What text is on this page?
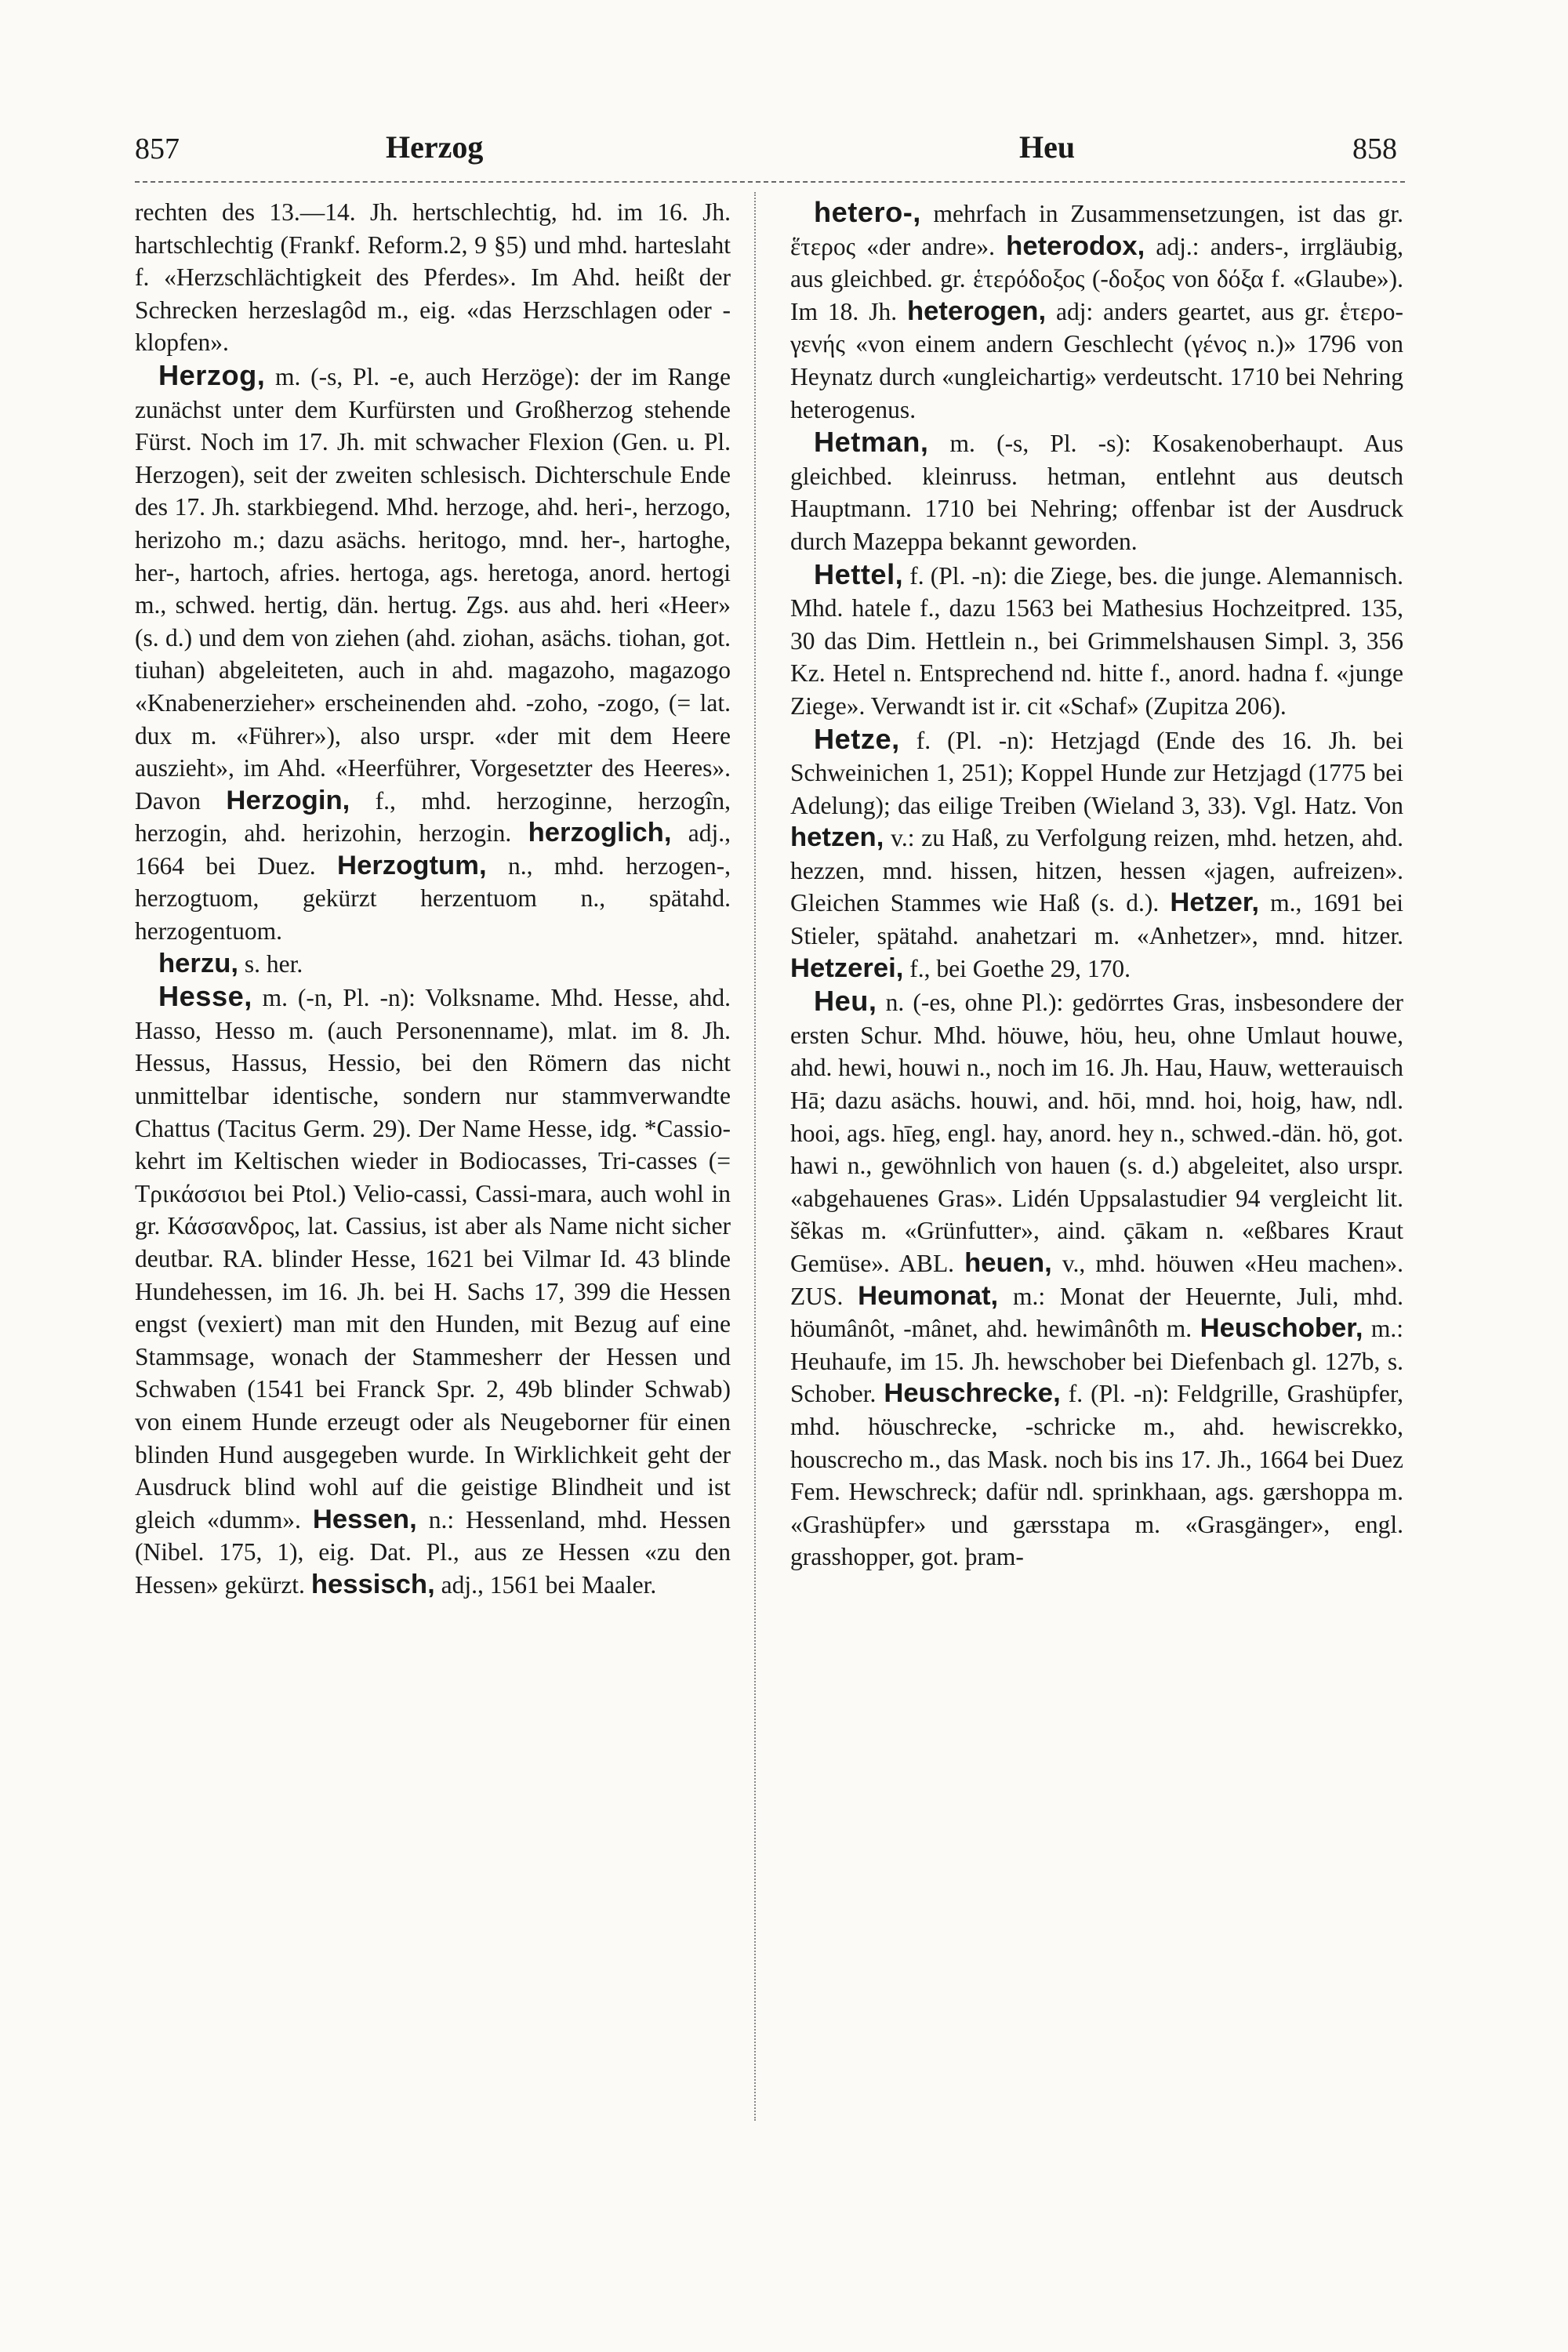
857	Herzog	Heu	858

rechten des 13.—14. Jh. hertschlechtig, hd. im 16. Jh. hartschlechtig (Frankf. Reform.2, 9 §5) und mhd. harteslaht f. «Herzschlächtigkeit des Pferdes». Im Ahd. heißt der Schrecken herzeslagôd m., eig. «das Herzschlagen oder -klopfen».

Herzog, m. (-s, Pl. -e, auch Herzöge): der im Range zunächst unter dem Kurfürsten und Großherzog stehende Fürst. Noch im 17. Jh. mit schwacher Flexion (Gen. u. Pl. Herzogen), seit der zweiten schlesisch. Dichterschule Ende des 17. Jh. starkbiegend. Mhd. herzoge, ahd. heri-, herzogo, herizoho m.; dazu asächs. heritogo, mnd. her-, hartoghe, her-, hartoch, afries. hertoga, ags. heretoga, anord. hertogi m., schwed. hertig, dän. hertug. Zgs. aus ahd. heri «Heer» (s. d.) und dem von ziehen (ahd. ziohan, asächs. tiohan, got. tiuhan) abgeleiteten, auch in ahd. magazoho, magazogo «Knabenerzieher» erscheinenden ahd. -zoho, -zogo, (= lat. dux m. «Führer»), also urspr. «der mit dem Heere auszieht», im Ahd. «Heerführer, Vorgesetzter des Heeres». Davon Herzogin, f., mhd. herzoginne, herzogîn, herzogin, ahd. herizohin, herzogin. herzoglich, adj., 1664 bei Duez. Herzogtum, n., mhd. herzogen-, herzogtuom, gekürzt herzentuom n., spätahd. herzogentuom.

herzu, s. her.

Hesse, m. (-n, Pl. -n): Volksname. Mhd. Hesse, ahd. Hasso, Hesso m. (auch Personenname), mlat. im 8. Jh. Hessus, Hassus, Hessio, bei den Römern das nicht unmittelbar identische, sondern nur stammverwandte Chattus (Tacitus Germ. 29). Der Name Hesse, idg. *Cassio- kehrt im Keltischen wieder in Bodiocasses, Tri-casses (= Τρικάσσιοι bei Ptol.) Velio-cassi, Cassi-mara, auch wohl in gr. Κάσσανδρος, lat. Cassius, ist aber als Name nicht sicher deutbar. RA. blinder Hesse, 1621 bei Vilmar Id. 43 blinde Hundehessen, im 16. Jh. bei H. Sachs 17, 399 die Hessen engst (vexiert) man mit den Hunden, mit Bezug auf eine Stammsage, wonach der Stammesherr der Hessen und Schwaben (1541 bei Franck Spr. 2, 49b blinder Schwab) von einem Hunde erzeugt oder als Neugeborner für einen blinden Hund ausgegeben wurde. In Wirklichkeit geht der Ausdruck blind wohl auf die geistige Blindheit und ist gleich «dumm». Hessen, n.: Hessenland, mhd. Hessen (Nibel. 175, 1), eig. Dat. Pl., aus ze Hessen «zu den Hessen» gekürzt. hessisch, adj., 1561 bei Maaler.

hetero-, mehrfach in Zusammensetzungen, ist das gr. ἕτερος «der andre». heterodox, adj.: anders-, irrgläubig, aus gleichbed. gr. ἑτερόδοξος (-δοξος von δόξα f. «Glaube»). Im 18. Jh. heterogen, adj: anders geartet, aus gr. ἑτερο-γενής «von einem andern Geschlecht (γένος n.)» 1796 von Heynatz durch «ungleichartig» verdeutscht. 1710 bei Nehring heterogenus.

Hetman, m. (-s, Pl. -s): Kosakenoberhaupt. Aus gleichbed. kleinruss. hetman, entlehnt aus deutsch Hauptmann. 1710 bei Nehring; offenbar ist der Ausdruck durch Mazeppa bekannt geworden.

Hettel, f. (Pl. -n): die Ziege, bes. die junge. Alemannisch. Mhd. hatele f., dazu 1563 bei Mathesius Hochzeitpred. 135, 30 das Dim. Hettlein n., bei Grimmelshausen Simpl. 3, 356 Kz. Hetel n. Entsprechend nd. hitte f., anord. hadna f. «junge Ziege». Verwandt ist ir. cit «Schaf» (Zupitza 206).

Hetze, f. (Pl. -n): Hetzjagd (Ende des 16. Jh. bei Schweinichen 1, 251); Koppel Hunde zur Hetzjagd (1775 bei Adelung); das eilige Treiben (Wieland 3, 33). Vgl. Hatz. Von hetzen, v.: zu Haß, zu Verfolgung reizen, mhd. hetzen, ahd. hezzen, mnd. hissen, hitzen, hessen «jagen, aufreizen». Gleichen Stammes wie Haß (s. d.). Hetzer, m., 1691 bei Stieler, spätahd. anahetzari m. «Anhetzer», mnd. hitzer. Hetzerei, f., bei Goethe 29, 170.

Heu, n. (-es, ohne Pl.): gedörrtes Gras, insbesondere der ersten Schur. Mhd. höuwe, höu, heu, ohne Umlaut houwe, ahd. hewi, houwi n., noch im 16. Jh. Hau, Hauw, wetterauisch Hā; dazu asächs. houwi, and. hōi, mnd. hoi, hoig, haw, ndl. hooi, ags. hīeg, engl. hay, anord. hey n., schwed.-dän. hö, got. hawi n., gewöhnlich von hauen (s. d.) abgeleitet, also urspr. «abgehauenes Gras». Lidén Uppsalastudier 94 vergleicht lit. šẽkas m. «Grünfutter», aind. çākam n. «eßbares Kraut Gemüse». ABL. heuen, v., mhd. höuwen «Heu machen». ZUS. Heumonat, m.: Monat der Heuernte, Juli, mhd. höumânôt, -mânet, ahd. hewimânôth m. Heuschober, m.: Heuhaufe, im 15. Jh. hewschober bei Diefenbach gl. 127b, s. Schober. Heuschrecke, f. (Pl. -n): Feldgrille, Grashüpfer, mhd. höuschrecke, -schricke m., ahd. hewiscrekko, houscrecho m., das Mask. noch bis ins 17. Jh., 1664 bei Duez Fem. Hewschreck; dafür ndl. sprinkhaan, ags. gærshoppa m. «Grashüpfer» und gærsstapa m. «Grasgänger», engl. grasshopper, got. þram-
